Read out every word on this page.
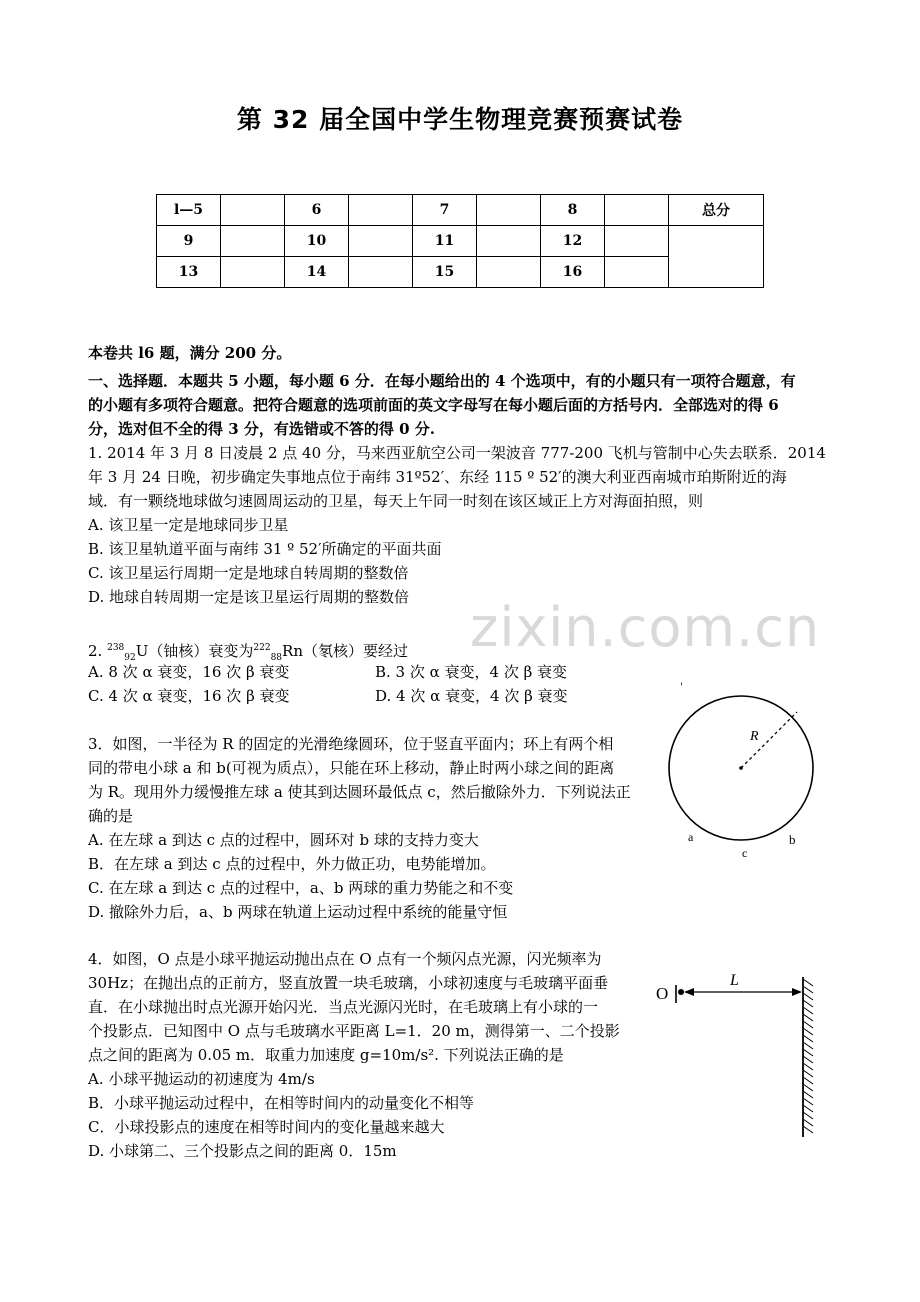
第 32 届全国中学生物理竞赛预赛试卷
l—5		6		7		8		总分
9		10		11		12		
13		14		15		16		
本卷共 l6 题，满分 200 分。
一、选择题．本题共 5 小题，每小题 6 分．在每小题给出的 4 个选项中，有的小题只有一项符合题意，有
的小题有多项符合题意。把符合题意的选项前面的英文字母写在每小题后面的方括号内．全部选对的得 6
分，选对但不全的得 3 分，有选错或不答的得 0 分.
1. 2014 年 3 月 8 日凌晨 2 点 40 分，马来西亚航空公司一架波音 777-200 飞机与管制中心失去联系．2014
年 3 月 24 日晚，初步确定失事地点位于南纬 31º52′、东经 115 º 52′的澳大利亚西南城市珀斯附近的海
域．有一颗绕地球做匀速圆周运动的卫星，每天上午同一时刻在该区域正上方对海面拍照，则
A. 该卫星一定是地球同步卫星
B. 该卫星轨道平面与南纬 31 º 52′所确定的平面共面
C. 该卫星运行周期一定是地球自转周期的整数倍
D. 地球自转周期一定是该卫星运行周期的整数倍	zixin.com.cn
2. $^{238}_{92}$U（铀核）衰变为$^{222}_{88}$Rn（氡核）要经过
A. 8 次 α 衰变，16 次 β 衰变	B. 3 次 α 衰变，4 次 β 衰变
C. 4 次 α 衰变，16 次 β 衰变	D. 4 次 α 衰变，4 次 β 衰变
3．如图，一半径为 R 的固定的光滑绝缘圆环，位于竖直平面内；环上有两个相
同的带电小球 a 和 b(可视为质点），只能在环上移动，静止时两小球之间的距离
为 R。现用外力缓慢推左球 a 使其到达圆环最低点 c，然后撤除外力．下列说法正
确的是
A. 在左球 a 到达 c 点的过程中，圆环对 b 球的支持力变大
B．在左球 a 到达 c 点的过程中，外力做正功，电势能增加。
C. 在左球 a 到达 c 点的过程中，a、b 两球的重力势能之和不变
D. 撤除外力后，a、b 两球在轨道上运动过程中系统的能量守恒
'
R
a	b
c
4．如图，O 点是小球平抛运动抛出点在 O 点有一个频闪点光源，闪光频率为
30Hz；在抛出点的正前方，竖直放置一块毛玻璃，小球初速度与毛玻璃平面垂
直．在小球抛出时点光源开始闪光．当点光源闪光时，在毛玻璃上有小球的一
个投影点．已知图中 O 点与毛玻璃水平距离 L=1．20 m，测得第一、二个投影
点之间的距离为 0.05 m．取重力加速度 g=10m/s². 下列说法正确的是
A. 小球平抛运动的初速度为 4m/s
B．小球平抛运动过程中，在相等时间内的动量变化不相等
C．小球投影点的速度在相等时间内的变化量越来越大
D. 小球第二、三个投影点之间的距离 0．15m
O
L
